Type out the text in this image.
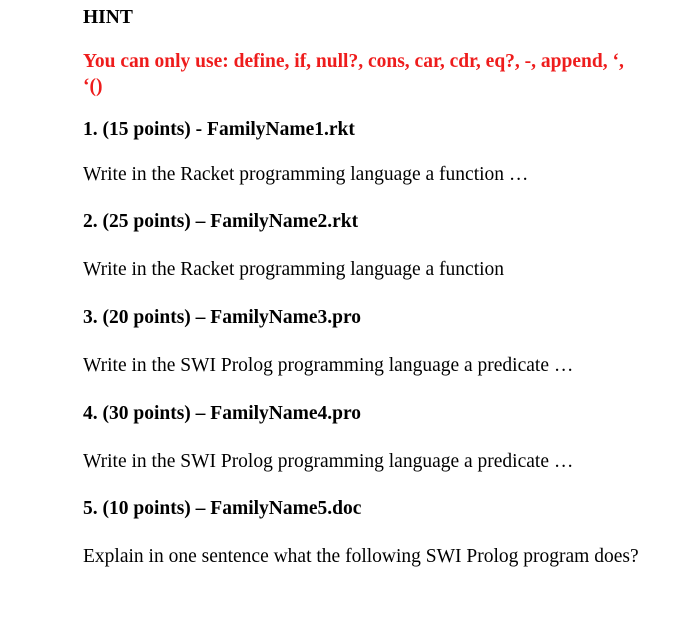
HINT

You can only use: define, if, null?, cons, car, cdr, eq?, -, append, ‘, ‘()

1. (15 points) - FamilyName1.rkt

Write in the Racket programming language a function …

2. (25 points) – FamilyName2.rkt

Write in the Racket programming language a function

3. (20 points) – FamilyName3.pro

Write in the SWI Prolog programming language a predicate …

4. (30 points) – FamilyName4.pro

Write in the SWI Prolog programming language a predicate …

5. (10 points) – FamilyName5.doc

Explain in one sentence what the following SWI Prolog program does?
